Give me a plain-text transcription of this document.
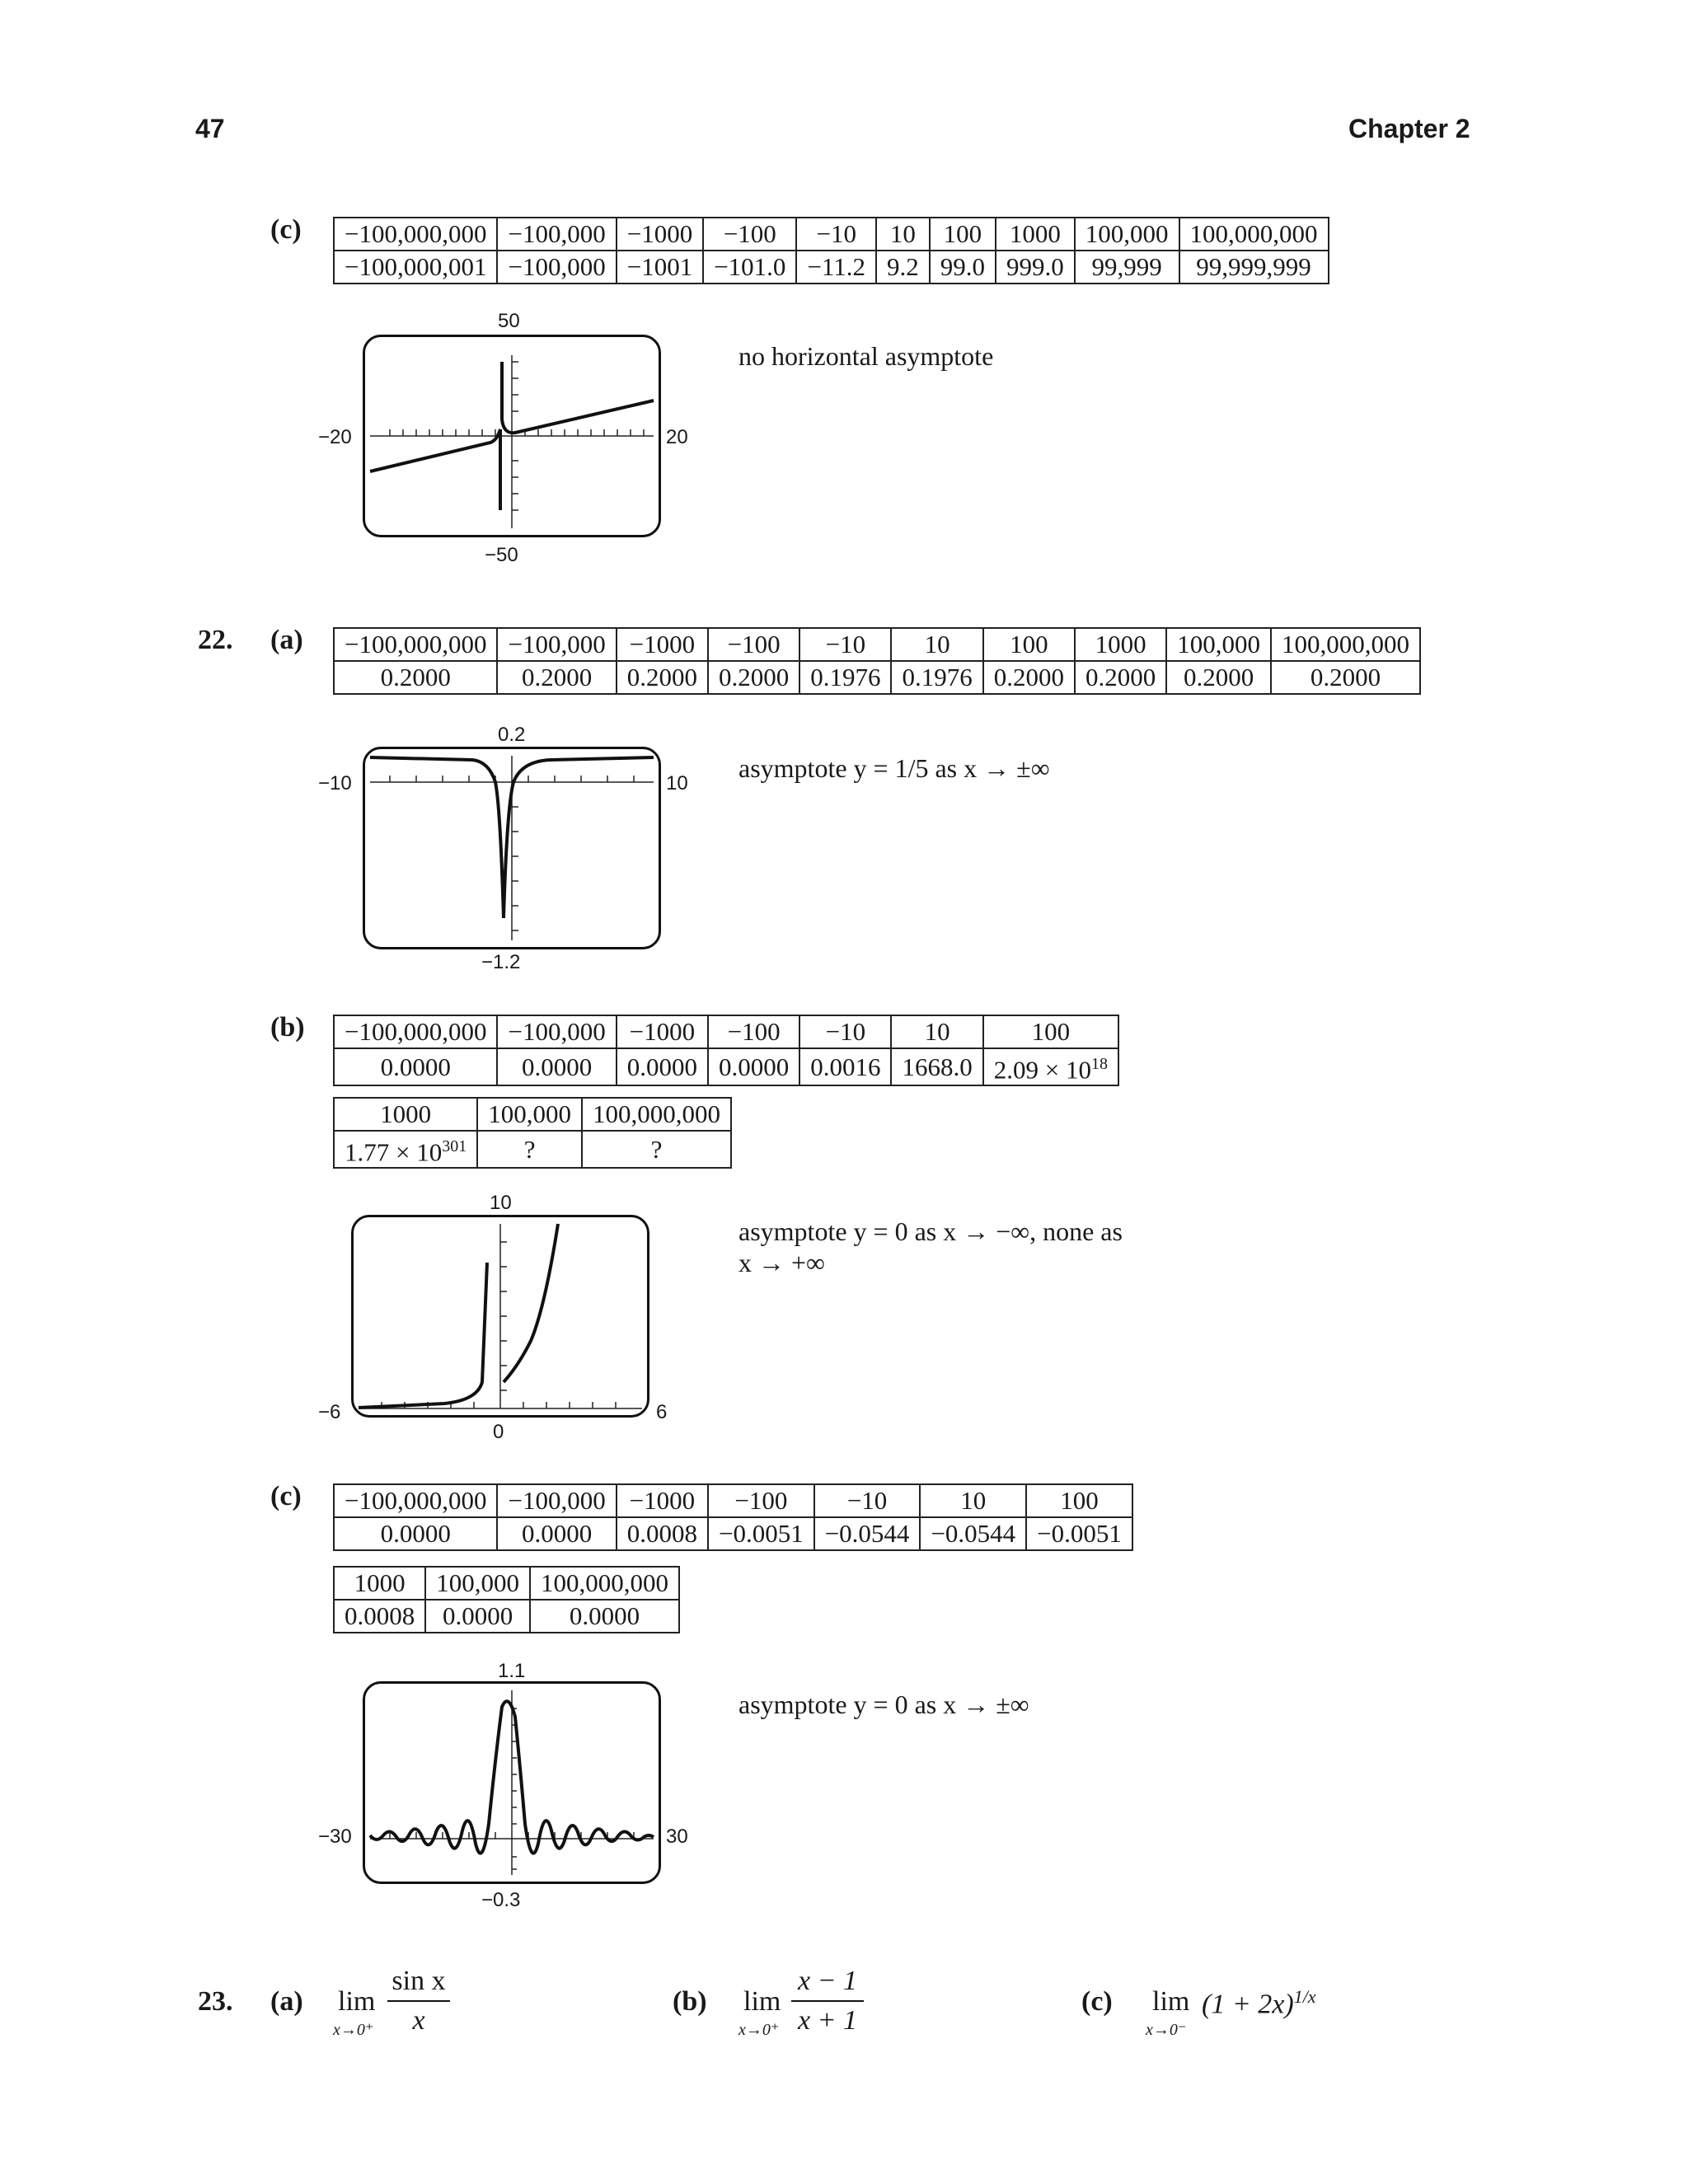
47	Chapter 2
(c) −100,000,000	−100,000	−1000	−100	−10	10	100	1000	100,000	100,000,000
−100,000,001	−100,000	−1001	−101.0	−11.2	9.2	99.0	999.0	99,999	99,999,999
50
−20	20
−50
no horizontal asymptote
22. (a) −100,000,000	−100,000	−1000	−100	−10	10	100	1000	100,000	100,000,000
0.2000	0.2000	0.2000	0.2000	0.1976	0.1976	0.2000	0.2000	0.2000	0.2000
0.2
−10	10
−1.2
asymptote y = 1/5 as x → ±∞
(b) −100,000,000	−100,000	−1000	−100	−10	10	100
0.0000	0.0000	0.0000	0.0000	0.0016	1668.0	$2.09 \times 10^{18}$
1000	100,000	100,000,000
$1.77 \times 10^{301}$	?	?
10
−6	6
0
asymptote y = 0 as x → −∞, none as
x → +∞
(c) −100,000,000	−100,000	−1000	−100	−10	10	100
0.0000	0.0000	0.0008	−0.0051	−0.0544	−0.0544	−0.0051
1000	100,000	100,000,000
0.0008	0.0000	0.0000
1.1
−30	30
−0.3
asymptote y = 0 as x → ±∞
23. (a) lim
x→0⁺
sin x
x
(b) lim
x→0⁺
x − 1
x + 1
(c) lim
x→0⁻
$(1 + 2x)^{1/x}$
